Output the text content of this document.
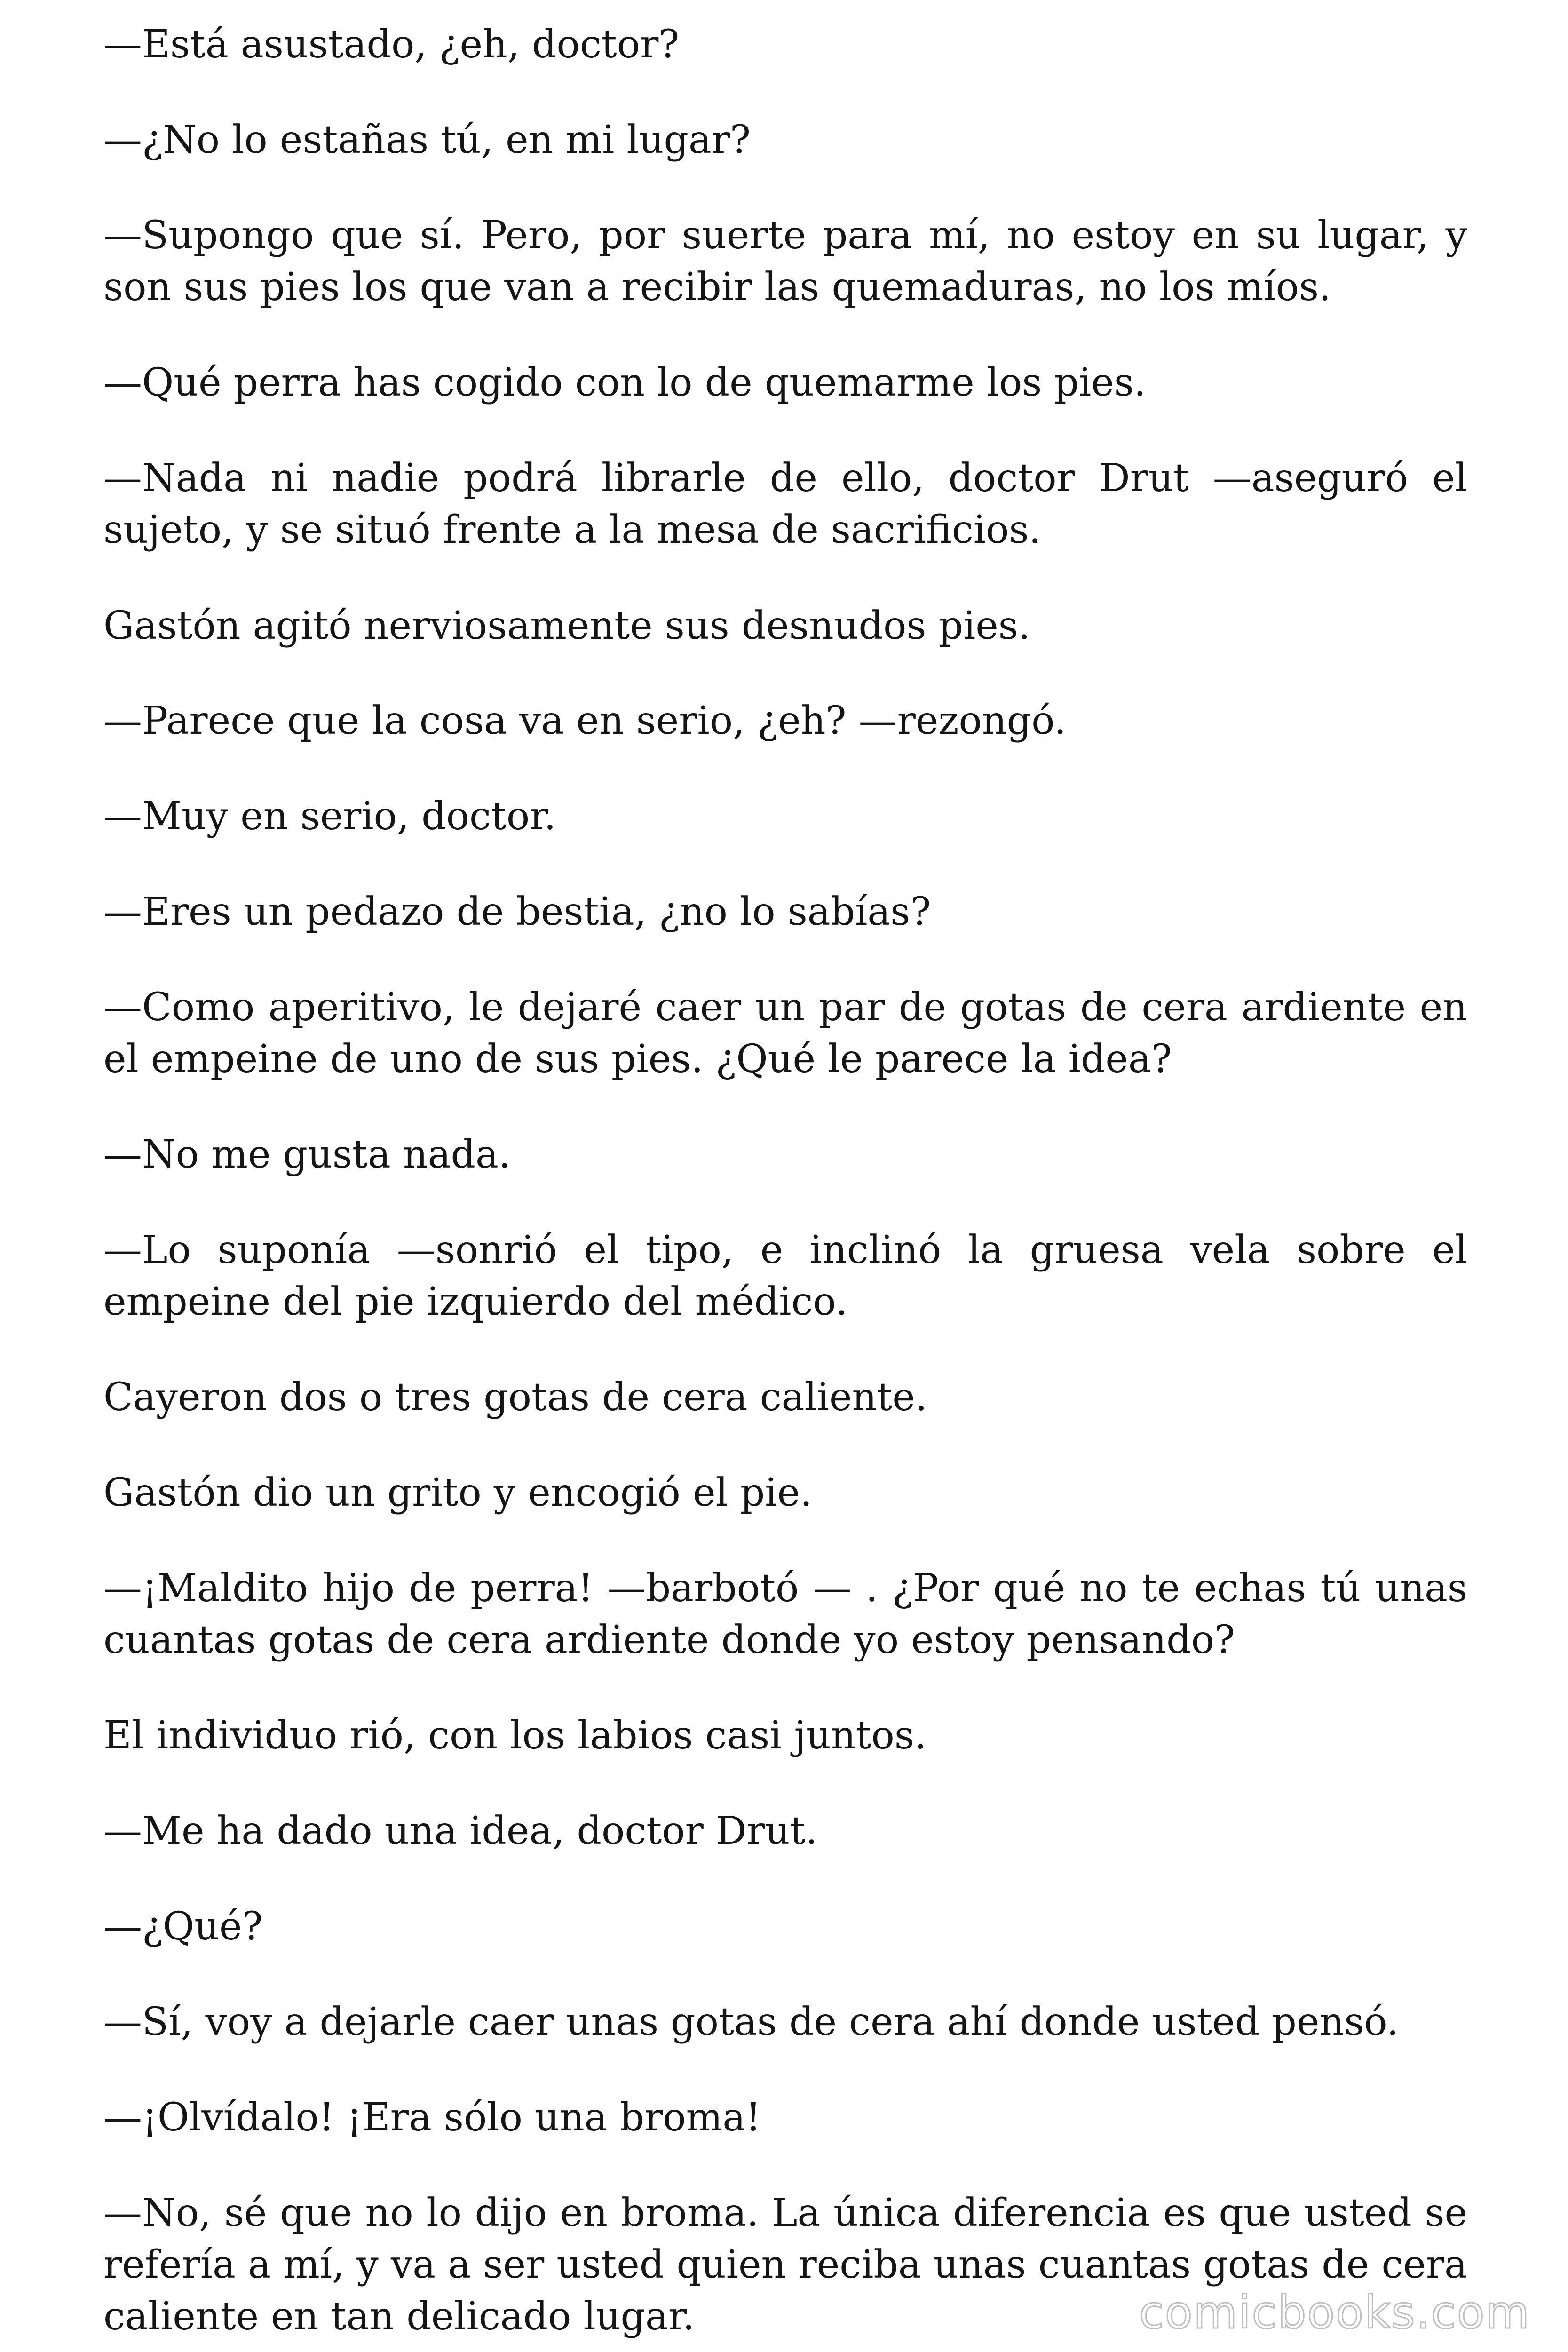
—Está asustado, ¿eh, doctor?

—¿No lo estañas tú, en mi lugar?

—Supongo que sí. Pero, por suerte para mí, no estoy en su lugar, y son sus pies los que van a recibir las quemaduras, no los míos.

—Qué perra has cogido con lo de quemarme los pies.

—Nada ni nadie podrá librarle de ello, doctor Drut —aseguró el sujeto, y se situó frente a la mesa de sacrificios.

Gastón agitó nerviosamente sus desnudos pies.

—Parece que la cosa va en serio, ¿eh? —rezongó.

—Muy en serio, doctor.

—Eres un pedazo de bestia, ¿no lo sabías?

—Como aperitivo, le dejaré caer un par de gotas de cera ardiente en el empeine de uno de sus pies. ¿Qué le parece la idea?

—No me gusta nada.

—Lo suponía —sonrió el tipo, e inclinó la gruesa vela sobre el empeine del pie izquierdo del médico.

Cayeron dos o tres gotas de cera caliente.

Gastón dio un grito y encogió el pie.

—¡Maldito hijo de perra! —barbotó — . ¿Por qué no te echas tú unas cuantas gotas de cera ardiente donde yo estoy pensando?

El individuo rió, con los labios casi juntos.

—Me ha dado una idea, doctor Drut.

—¿Qué?

—Sí, voy a dejarle caer unas gotas de cera ahí donde usted pensó.

—¡Olvídalo! ¡Era sólo una broma!

—No, sé que no lo dijo en broma. La única diferencia es que usted se refería a mí, y va a ser usted quien reciba unas cuantas gotas de cera caliente en tan delicado lugar.	comicbooks.com
